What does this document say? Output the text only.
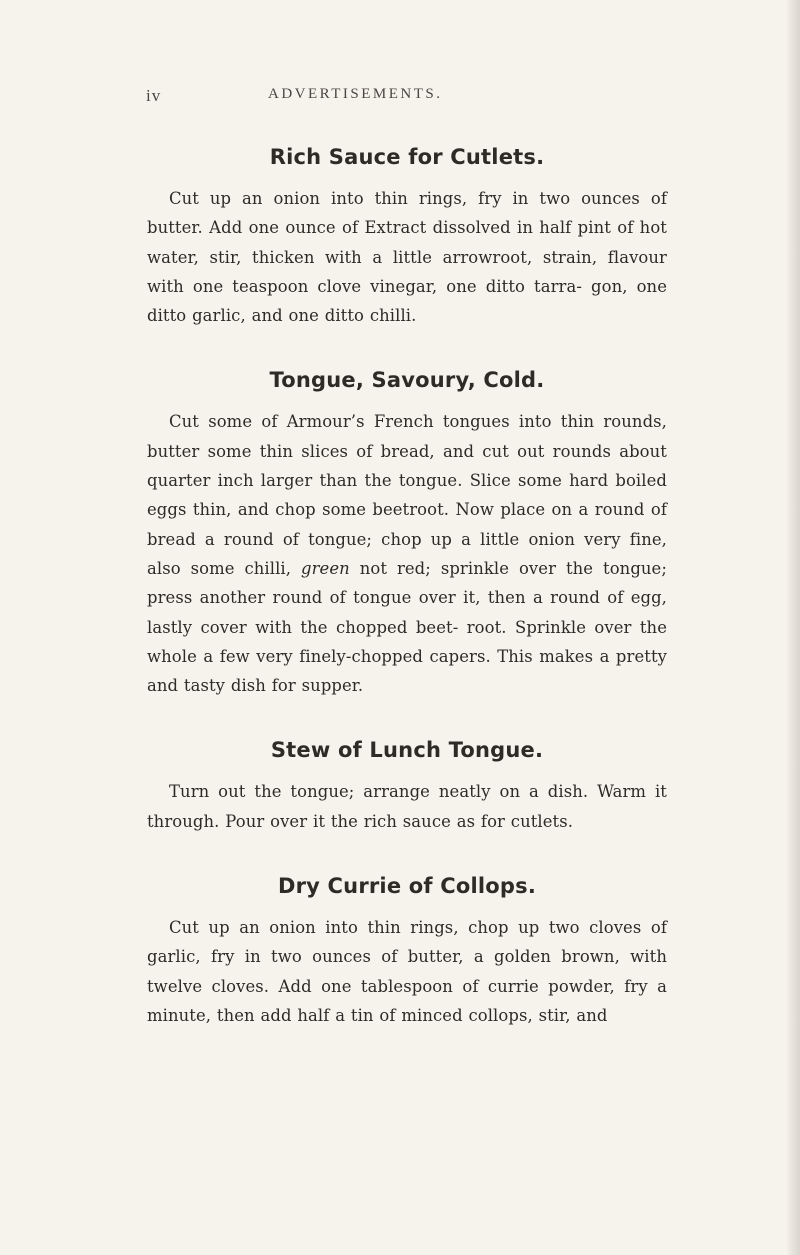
iv	ADVERTISEMENTS.
Rich Sauce for Cutlets.

Cut up an onion into thin rings, fry in two ounces of butter. Add one ounce of Extract dissolved in half pint of hot water, stir, thicken with a little arrowroot, strain, flavour with one teaspoon clove vinegar, one ditto tarra- gon, one ditto garlic, and one ditto chilli.

Tongue, Savoury, Cold.

Cut some of Armour’s French tongues into thin rounds, butter some thin slices of bread, and cut out rounds about quarter inch larger than the tongue. Slice some hard boiled eggs thin, and chop some beetroot. Now place on a round of bread a round of tongue; chop up a little onion very fine, also some chilli, green not red; sprinkle over the tongue; press another round of tongue over it, then a round of egg, lastly cover with the chopped beet- root. Sprinkle over the whole a few very finely-chopped capers. This makes a pretty and tasty dish for supper.

Stew of Lunch Tongue.

Turn out the tongue; arrange neatly on a dish. Warm it through. Pour over it the rich sauce as for cutlets.

Dry Currie of Collops.

Cut up an onion into thin rings, chop up two cloves of garlic, fry in two ounces of butter, a golden brown, with twelve cloves. Add one tablespoon of currie powder, fry a minute, then add half a tin of minced collops, stir, and
